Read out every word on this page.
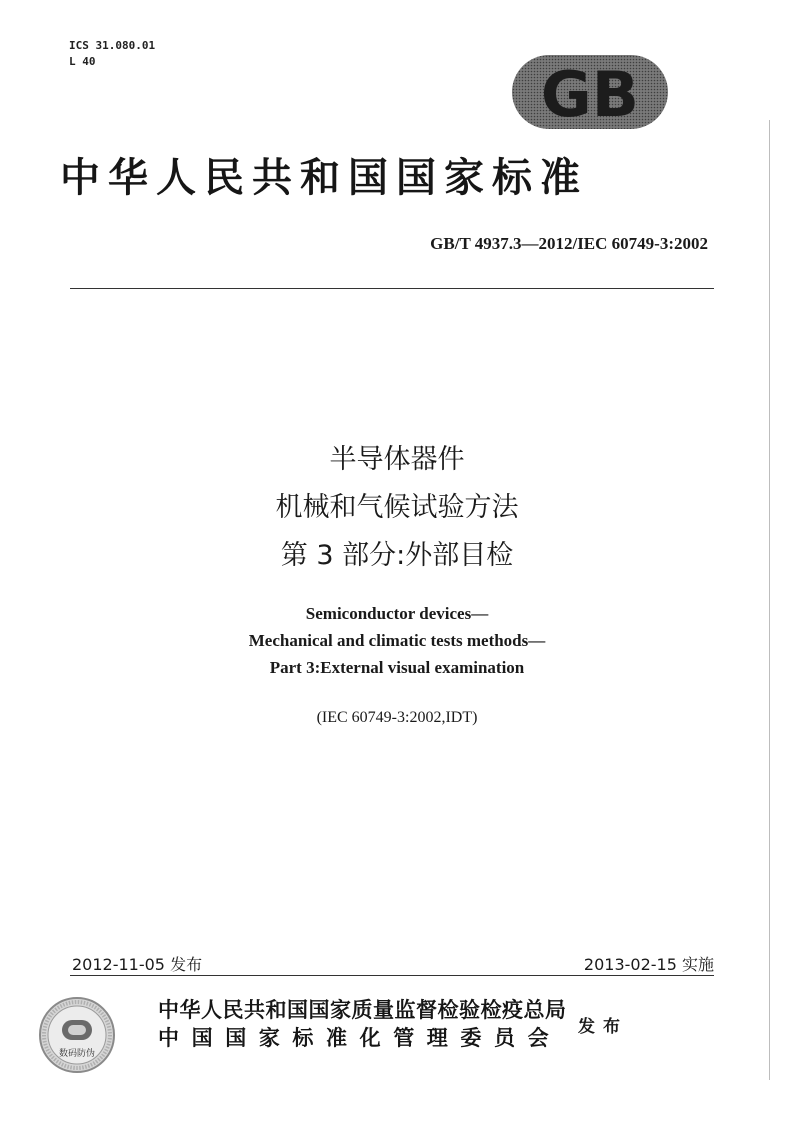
ICS 31.080.01
L 40	GB
中华人民共和国国家标准
GB/T 4937.3—2012/IEC 60749-3:2002
半导体器件
机械和气候试验方法
第 3 部分:外部目检
Semiconductor devices—
Mechanical and climatic tests methods—
Part 3:External visual examination
(IEC 60749-3:2002,IDT)
2012-11-05 发布	2013-02-15 实施
数码防伪
中华人民共和国国家质量监督检验检疫总局
中国国家标准化管理委员会 发布
